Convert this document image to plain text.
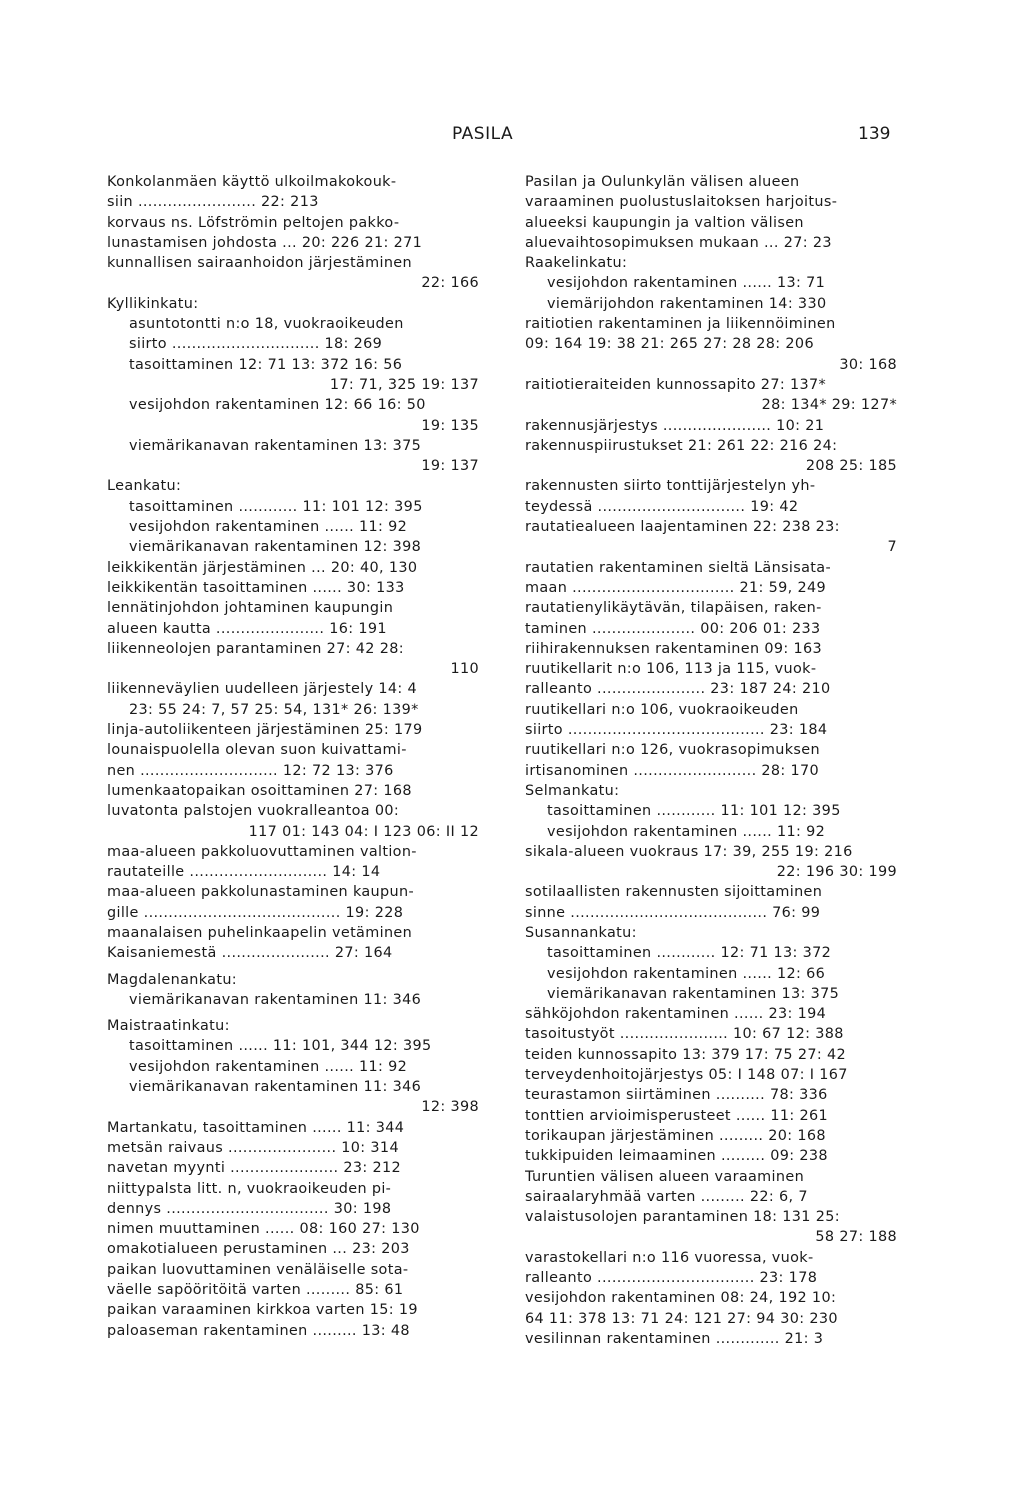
PASILA	139
Konkolanmäen käyttö ulkoilmakokouk-
siin ........................ 22: 213
korvaus ns. Löfströmin peltojen pakko-
lunastamisen johdosta ... 20: 226 21: 271
kunnallisen sairaanhoidon järjestäminen
22: 166
Kyllikinkatu:
asuntotontti n:o 18, vuokraoikeuden
siirto .............................. 18: 269
tasoittaminen 12: 71 13: 372 16: 56
17: 71, 325 19: 137
vesijohdon rakentaminen 12: 66 16: 50
19: 135
viemärikanavan rakentaminen 13: 375
19: 137
Leankatu:
tasoittaminen ............ 11: 101 12: 395
vesijohdon rakentaminen ...... 11: 92
viemärikanavan rakentaminen 12: 398
leikkikentän järjestäminen ... 20: 40, 130
leikkikentän tasoittaminen ...... 30: 133
lennätinjohdon johtaminen kaupungin
alueen kautta ...................... 16: 191
liikenneolojen parantaminen 27: 42 28:
110
liikenneväylien uudelleen järjestely 14: 4
23: 55 24: 7, 57 25: 54, 131* 26: 139*
linja-autoliikenteen järjestäminen 25: 179
lounaispuolella olevan suon kuivattami-
nen ............................ 12: 72 13: 376
lumenkaatopaikan osoittaminen 27: 168
luvatonta palstojen vuokralleantoa 00:
117 01: 143 04: I 123 06: II 12
maa-alueen pakkoluovuttaminen valtion-
rautateille ............................ 14: 14
maa-alueen pakkolunastaminen kaupun-
gille ........................................ 19: 228
maanalaisen puhelinkaapelin vetäminen
Kaisaniemestä ...................... 27: 164
Magdalenankatu:
viemärikanavan rakentaminen 11: 346
Maistraatinkatu:
tasoittaminen ...... 11: 101, 344 12: 395
vesijohdon rakentaminen ...... 11: 92
viemärikanavan rakentaminen 11: 346
12: 398
Martankatu, tasoittaminen ...... 11: 344
metsän raivaus ...................... 10: 314
navetan myynti ...................... 23: 212
niittypalsta litt. n, vuokraoikeuden pi-
dennys ................................. 30: 198
nimen muuttaminen ...... 08: 160 27: 130
omakotialueen perustaminen ... 23: 203
paikan luovuttaminen venäläiselle sota-
väelle sapööritöitä varten ......... 85: 61
paikan varaaminen kirkkoa varten 15: 19
paloaseman rakentaminen ......... 13: 48
Pasilan ja Oulunkylän välisen alueen
varaaminen puolustuslaitoksen harjoitus-
alueeksi kaupungin ja valtion välisen
aluevaihtosopimuksen mukaan ... 27: 23
Raakelinkatu:
vesijohdon rakentaminen ...... 13: 71
viemärijohdon rakentaminen 14: 330
raitiotien rakentaminen ja liikennöiminen
09: 164 19: 38 21: 265 27: 28 28: 206
30: 168
raitiotieraiteiden kunnossapito 27: 137*
28: 134* 29: 127*
rakennusjärjestys ...................... 10: 21
rakennuspiirustukset 21: 261 22: 216 24:
208 25: 185
rakennusten siirto tonttijärjestelyn yh-
teydessä .............................. 19: 42
rautatiealueen laajentaminen 22: 238 23:
7
rautatien rakentaminen sieltä Länsisata-
maan ................................. 21: 59, 249
rautatienylikäytävän, tilapäisen, raken-
taminen ..................... 00: 206 01: 233
riihirakennuksen rakentaminen 09: 163
ruutikellarit n:o 106, 113 ja 115, vuok-
ralleanto ...................... 23: 187 24: 210
ruutikellari n:o 106, vuokraoikeuden
siirto ........................................ 23: 184
ruutikellari n:o 126, vuokrasopimuksen
irtisanominen ......................... 28: 170
Selmankatu:
tasoittaminen ............ 11: 101 12: 395
vesijohdon rakentaminen ...... 11: 92
sikala-alueen vuokraus 17: 39, 255 19: 216
22: 196 30: 199
sotilaallisten rakennusten sijoittaminen
sinne ........................................ 76: 99
Susannankatu:
tasoittaminen ............ 12: 71 13: 372
vesijohdon rakentaminen ...... 12: 66
viemärikanavan rakentaminen 13: 375
sähköjohdon rakentaminen ...... 23: 194
tasoitustyöt ...................... 10: 67 12: 388
teiden kunnossapito 13: 379 17: 75 27: 42
terveydenhoitojärjestys 05: I 148 07: I 167
teurastamon siirtäminen .......... 78: 336
tonttien arvioimisperusteet ...... 11: 261
torikaupan järjestäminen ......... 20: 168
tukkipuiden leimaaminen ......... 09: 238
Turuntien välisen alueen varaaminen
sairaalaryhmää varten ......... 22: 6, 7
valaistusolojen parantaminen 18: 131 25:
58 27: 188
varastokellari n:o 116 vuoressa, vuok-
ralleanto ................................ 23: 178
vesijohdon rakentaminen 08: 24, 192 10:
64 11: 378 13: 71 24: 121 27: 94 30: 230
vesilinnan rakentaminen ............. 21: 3
